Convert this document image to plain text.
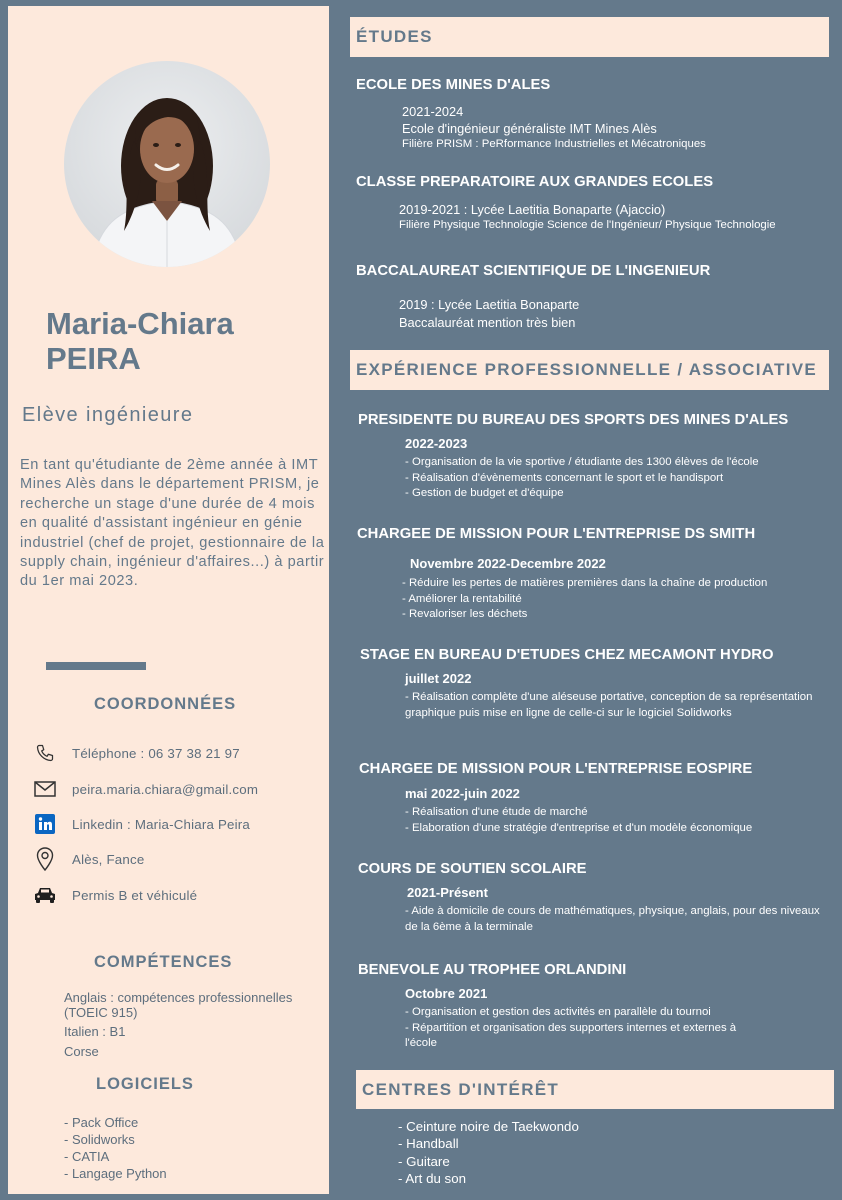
Maria-Chiara
PEIRA
Elève ingénieure
En tant qu'étudiante de 2ème année à IMT Mines Alès dans le département PRISM, je recherche un stage d'une durée de 4 mois en qualité d'assistant ingénieur en génie industriel (chef de projet, gestionnaire de la supply chain, ingénieur d'affaires...) à partir du 1er mai 2023.
COORDONNÉES
Téléphone : 06 37 38 21 97
peira.maria.chiara@gmail.com
Linkedin : Maria-Chiara Peira
Alès, Fance
Permis B et véhiculé
COMPÉTENCES
Anglais : compétences professionnelles (TOEIC 915)
Italien : B1
Corse
LOGICIELS
- Pack Office
- Solidworks
- CATIA
- Langage Python
ÉTUDES
ECOLE DES MINES D'ALES
2021-2024
Ecole d'ingénieur généraliste IMT Mines Alès
Filière PRISM : PeRformance Industrielles et Mécatroniques
CLASSE PREPARATOIRE AUX GRANDES ECOLES
2019-2021 : Lycée Laetitia Bonaparte (Ajaccio)
Filière Physique Technologie Science de l'Ingénieur/ Physique Technologie
BACCALAUREAT SCIENTIFIQUE DE L'INGENIEUR
2019 : Lycée Laetitia Bonaparte
Baccalauréat mention très bien
EXPÉRIENCE PROFESSIONNELLE / ASSOCIATIVE
PRESIDENTE DU BUREAU DES SPORTS DES MINES D'ALES
2022-2023
- Organisation de la vie sportive / étudiante des 1300 élèves de l'école
- Réalisation d'évènements concernant le sport et le handisport
- Gestion de budget et d'équipe
CHARGEE DE MISSION POUR L'ENTREPRISE DS SMITH
Novembre 2022-Decembre 2022
- Réduire les pertes de matières premières dans la chaîne de production
- Améliorer la rentabilité
- Revaloriser les déchets
STAGE EN BUREAU D'ETUDES CHEZ MECAMONT HYDRO
juillet 2022
- Réalisation complète d'une aléseuse portative, conception de sa représentation graphique puis mise en ligne de celle-ci sur le logiciel Solidworks
CHARGEE DE MISSION POUR L'ENTREPRISE EOSPIRE
mai 2022-juin 2022
- Réalisation d'une étude de marché
- Elaboration d'une stratégie d'entreprise et d'un modèle économique
COURS DE SOUTIEN SCOLAIRE
2021-Présent
- Aide à domicile de cours de mathématiques, physique, anglais, pour des niveaux de la 6ème à la terminale
BENEVOLE AU TROPHEE ORLANDINI
Octobre 2021
- Organisation et gestion des activités en parallèle du tournoi
- Répartition et organisation des supporters internes et externes à l'école
CENTRES D'INTÉRÊT
- Ceinture noire de Taekwondo
- Handball
- Guitare
- Art du son
